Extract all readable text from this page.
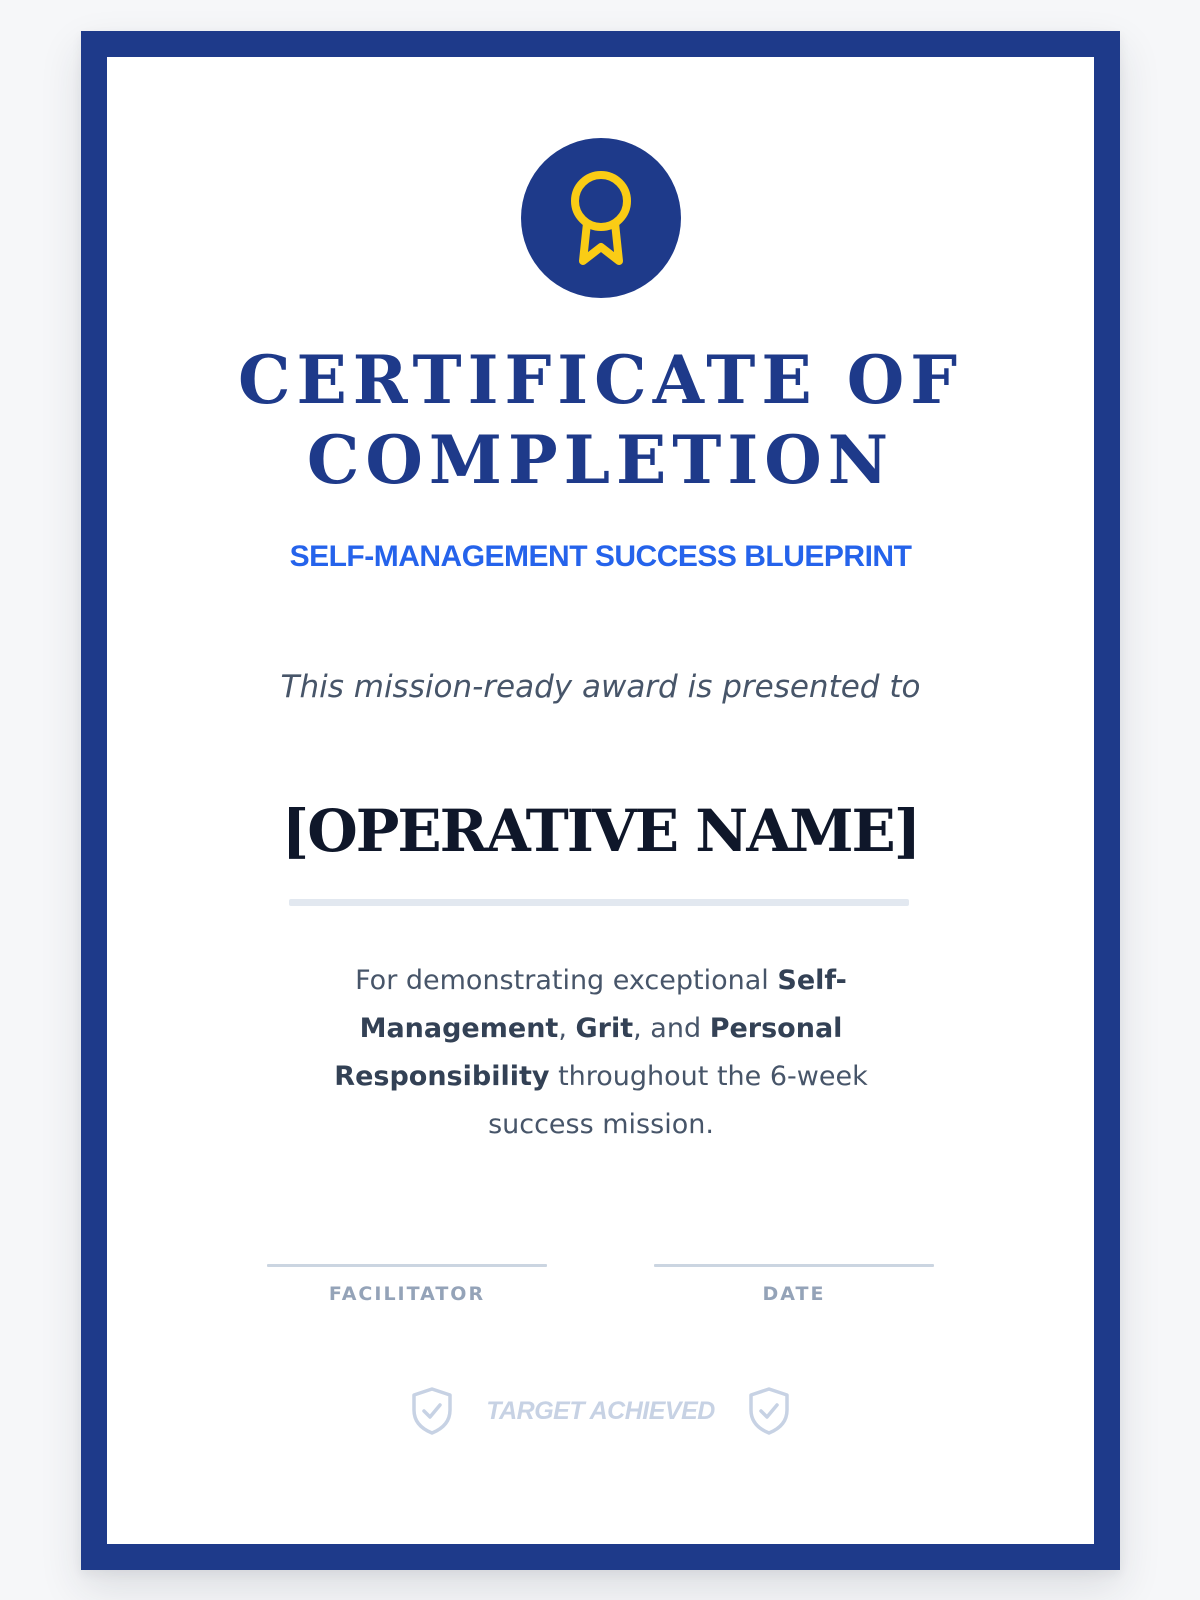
CERTIFICATE OF COMPLETION
SELF-MANAGEMENT SUCCESS BLUEPRINT
This mission-ready award is presented to
[OPERATIVE NAME]

For demonstrating exceptional Self-Management, Grit, and Personal Responsibility throughout the 6-week success mission.

FACILITATOR	DATE
TARGET ACHIEVED
